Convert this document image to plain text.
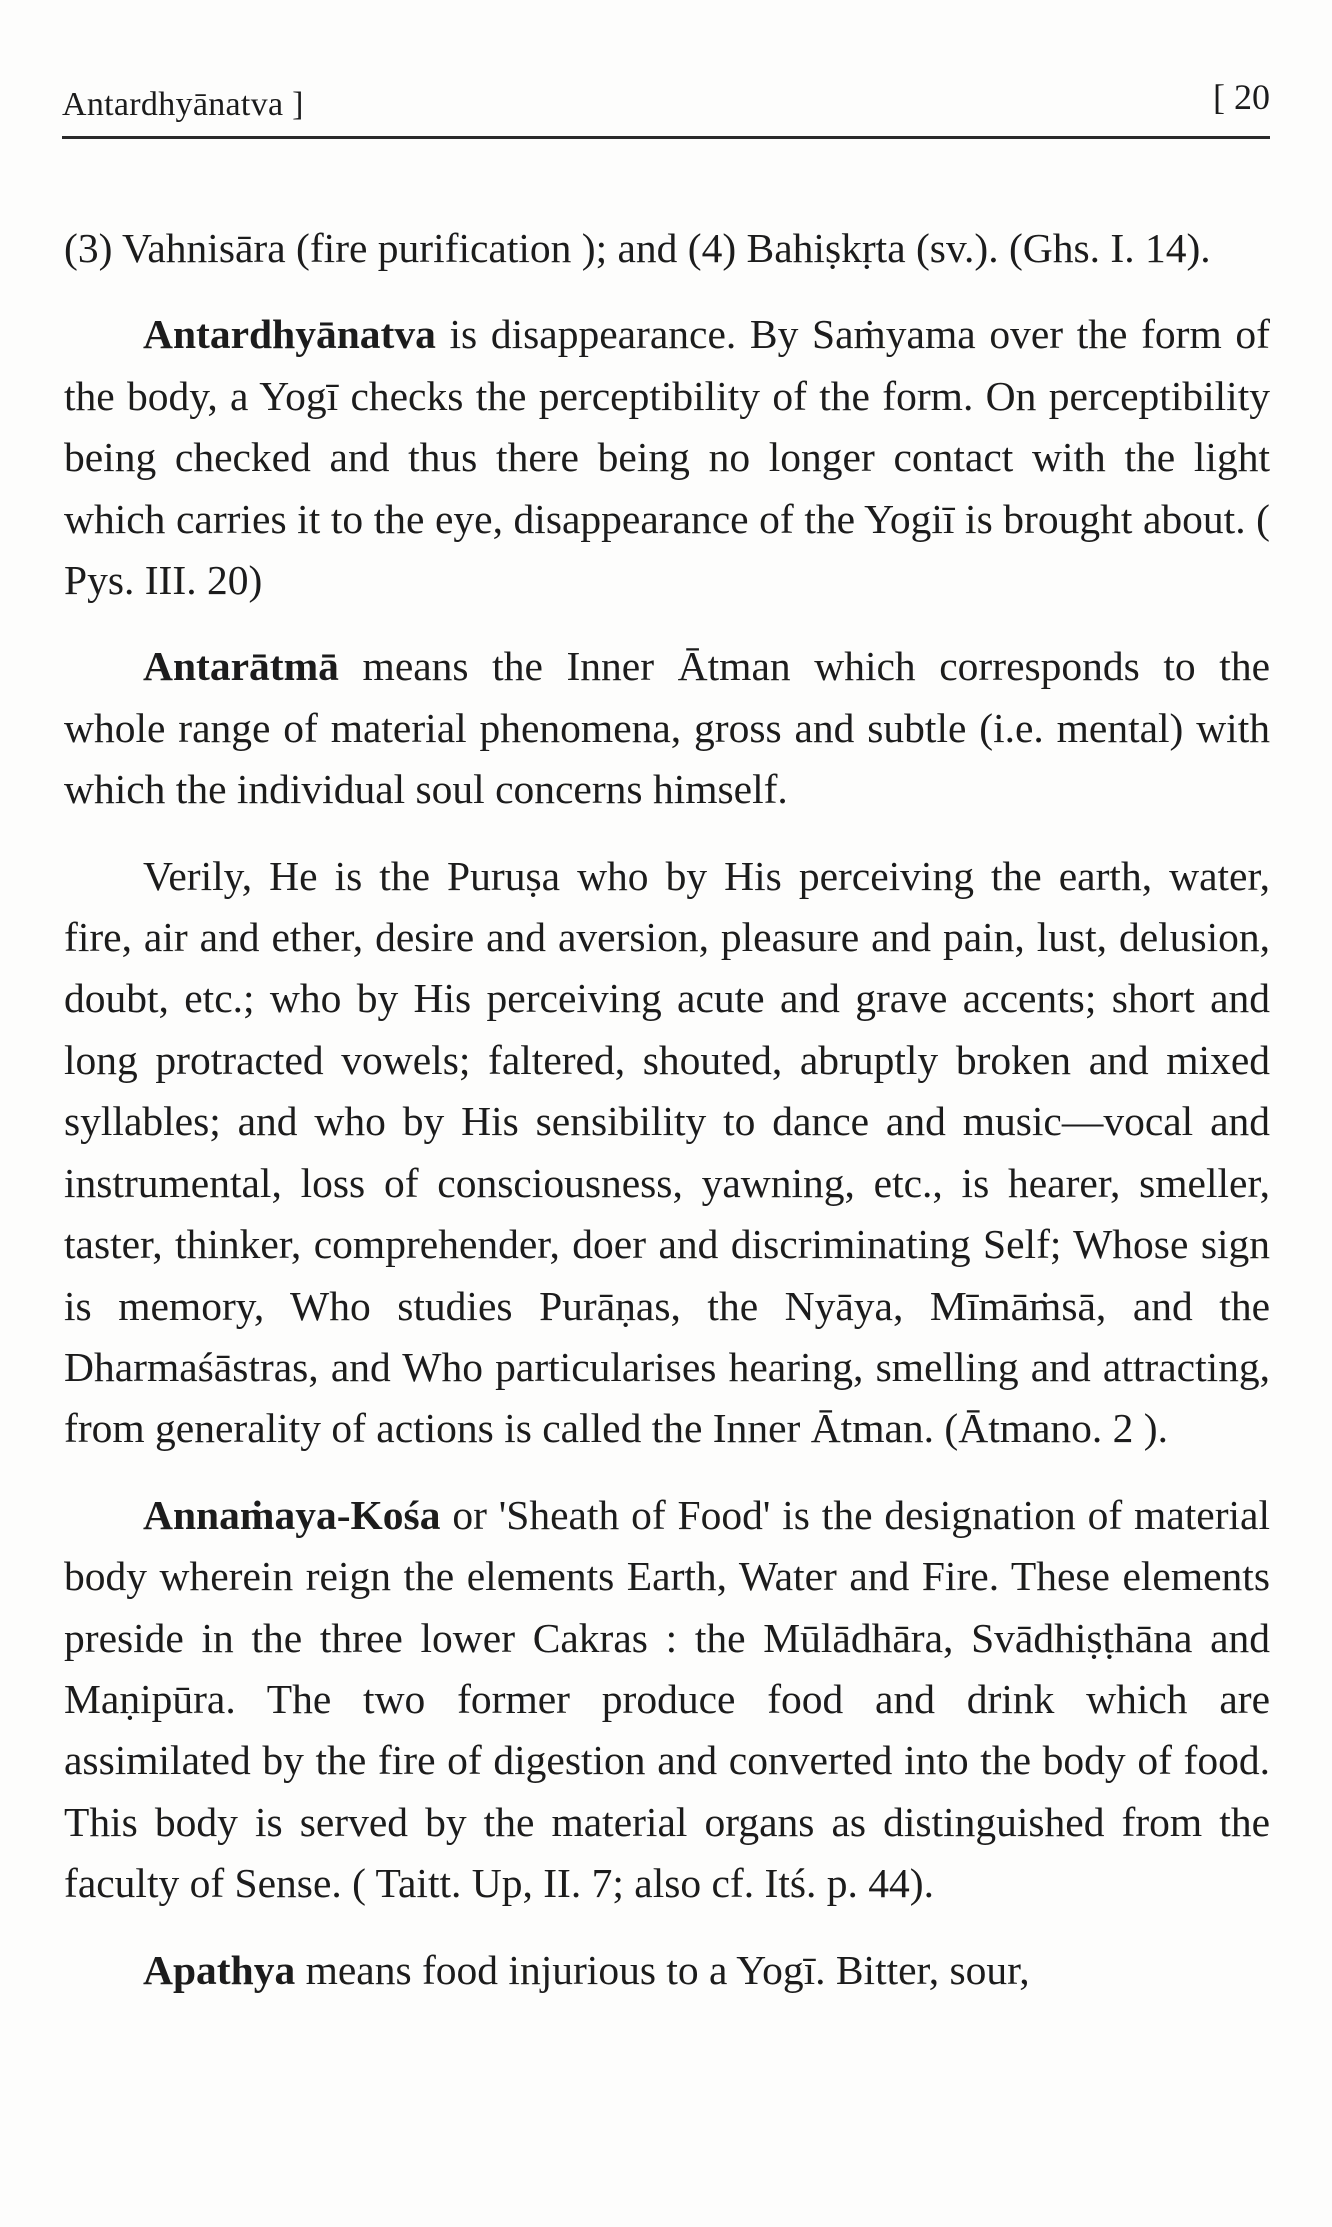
Antardhyānatva ]	[ 20

(3) Vahnisāra (fire purification ); and (4) Bahiṣkṛta (sv.). (Ghs. I. 14).

Antardhyānatva is disappearance. By Saṁyama over the form of the body, a Yogī checks the perceptibility of the form. On perceptibility being checked and thus there being no longer contact with the light which carries it to the eye, disappearance of the Yogiī is brought about. ( Pys. III. 20)

Antarātmā means the Inner Ātman which corresponds to the whole range of material phenomena, gross and subtle (i.e. mental) with which the individual soul concerns himself.

Verily, He is the Puruṣa who by His perceiving the earth, water, fire, air and ether, desire and aversion, pleasure and pain, lust, delusion, doubt, etc.; who by His perceiving acute and grave accents; short and long protracted vowels; faltered, shouted, abruptly broken and mixed syllables; and who by His sensibility to dance and music—vocal and instrumental, loss of consciousness, yawning, etc., is hearer, smeller, taster, thinker, comprehender, doer and discriminating Self; Whose sign is memory, Who studies Purāṇas, the Nyāya, Mīmāṁsā, and the Dharmaśāstras, and Who particularises hearing, smelling and attracting, from generality of actions is called the Inner Ātman. (Ātmano. 2 ).

Annaṁaya-Kośa or 'Sheath of Food' is the designation of material body wherein reign the elements Earth, Water and Fire. These elements preside in the three lower Cakras : the Mūlādhāra, Svādhiṣṭhāna and Maṇipūra. The two former produce food and drink which are assimilated by the fire of digestion and converted into the body of food. This body is served by the material organs as distinguished from the faculty of Sense. ( Taitt. Up, II. 7; also cf. Itś. p. 44).

Apathya means food injurious to a Yogī. Bitter, sour,
